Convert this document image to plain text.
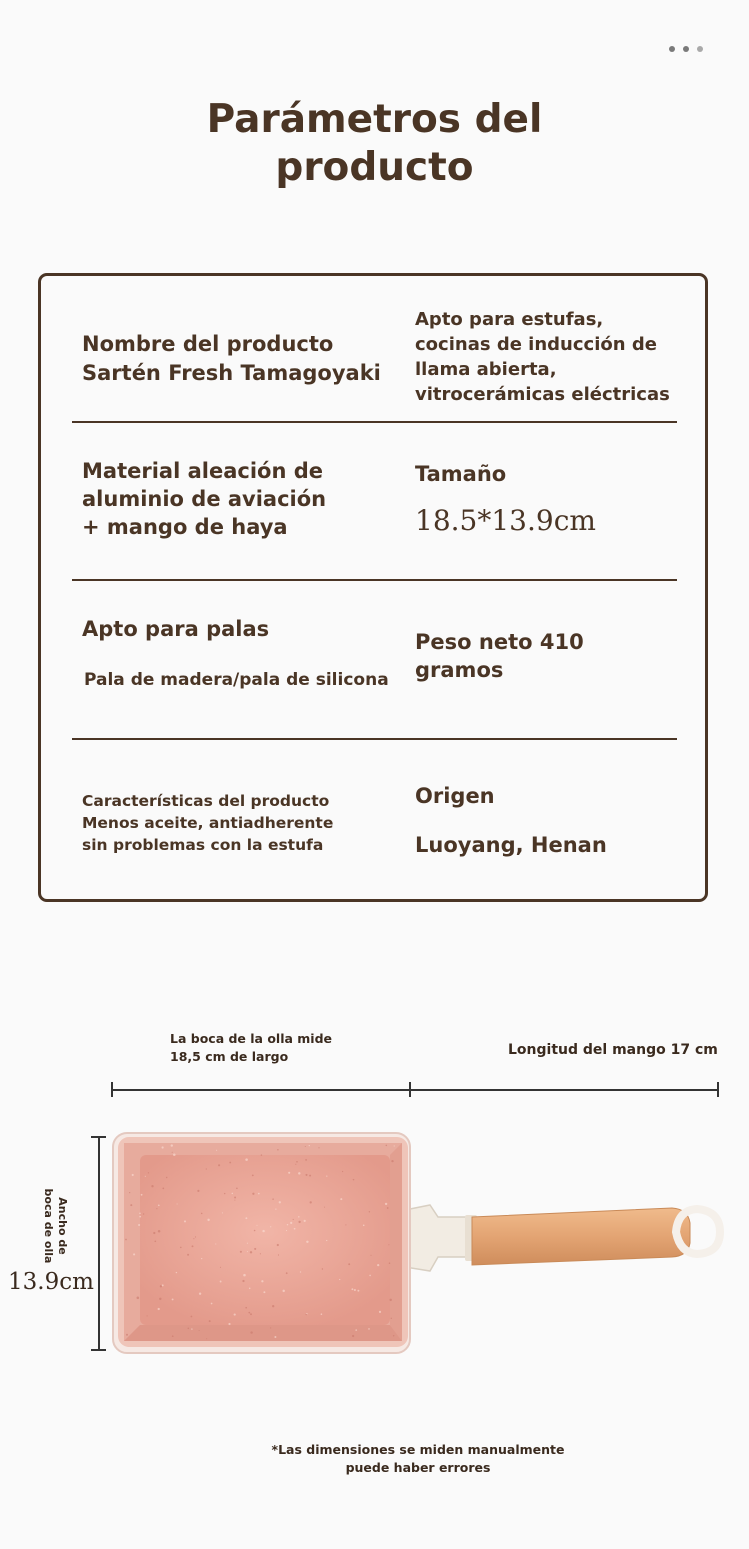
Parámetros del
producto
Nombre del producto
Sartén Fresh Tamagoyaki
Apto para estufas,
cocinas de inducción de
llama abierta,
vitrocerámicas eléctricas
Material aleación de
aluminio de aviación
+ mango de haya
Tamaño
18.5*13.9cm
Apto para palas
Pala de madera/pala de silicona
Peso neto 410
gramos
Características del producto
Menos aceite, antiadherente
sin problemas con la estufa
Origen
Luoyang, Henan
La boca de la olla mide
18,5 cm de largo	Longitud del mango 17 cm
Ancho de
boca de olla
13.9cm
*Las dimensiones se miden manualmente
puede haber errores
